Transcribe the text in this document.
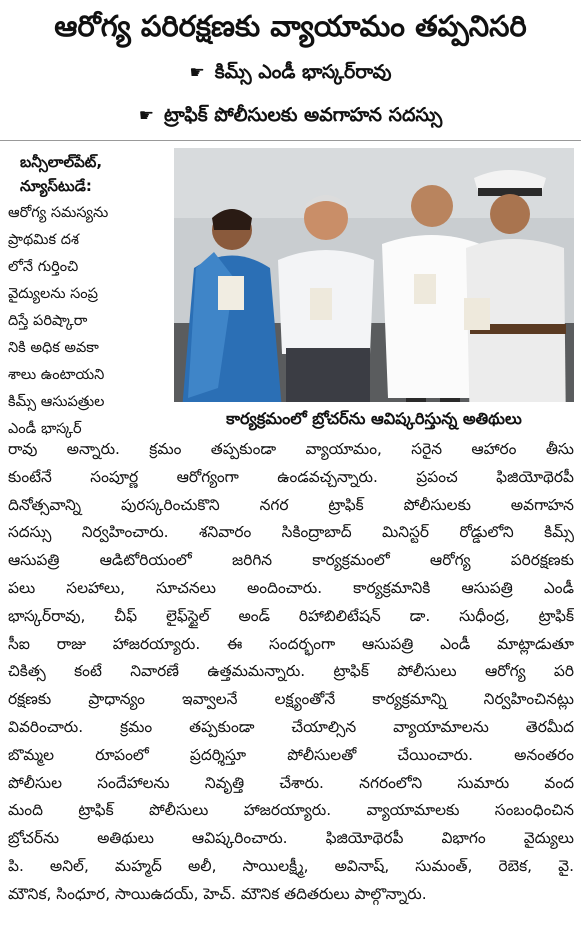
ఆరోగ్య పరిరక్షణకు వ్యాయామం తప్పనిసరి
☛ కిమ్స్ ఎండీ భాస్కర్‌రావు
☛ ట్రాఫిక్ పోలీసులకు అవగాహన సదస్సు
బన్సీలాల్‌పేట్,
న్యూస్‌టుడే:
ఆరోగ్య సమస్యను
ప్రాథమిక దశ
లోనే గుర్తించి
వైద్యులను సంప్ర
దిస్తే పరిష్కారా
నికి అధిక అవకా
శాలు ఉంటాయని
కిమ్స్ ఆసుపత్రుల
ఎండీ భాస్కర్
కార్యక్రమంలో బ్రోచర్‌ను ఆవిష్కరిస్తున్న అతిథులు
రావు అన్నారు. క్రమం తప్పకుండా వ్యాయామం, సరైన ఆహారం తీసు
కుంటేనే సంపూర్ణ ఆరోగ్యంగా ఉండవచ్చన్నారు. ప్రపంచ ఫిజియోథెరపీ
దినోత్సవాన్ని పురస్కరించుకొని నగర ట్రాఫిక్ పోలీసులకు అవగాహన
సదస్సు నిర్వహించారు. శనివారం సికింద్రాబాద్ మినిస్టర్ రోడ్డులోని కిమ్స్
ఆసుపత్రి ఆడిటోరియంలో జరిగిన కార్యక్రమంలో ఆరోగ్య పరిరక్షణకు
పలు సలహాలు, సూచనలు అందించారు. కార్యక్రమానికి ఆసుపత్రి ఎండీ
భాస్కర్‌రావు, చీఫ్ లైఫ్‌స్టైల్ అండ్ రిహాబిలిటేషన్ డా. సుధీంద్ర, ట్రాఫిక్
సీఐ రాజు హాజరయ్యారు. ఈ సందర్భంగా ఆసుపత్రి ఎండీ మాట్లాడుతూ
చికిత్స కంటే నివారణే ఉత్తమమన్నారు. ట్రాఫిక్ పోలీసులు ఆరోగ్య పరి
రక్షణకు ప్రాధాన్యం ఇవ్వాలనే లక్ష్యంతోనే కార్యక్రమాన్ని నిర్వహించినట్లు
వివరించారు. క్రమం తప్పకుండా చేయాల్సిన వ్యాయామాలను తెరమీద
బొమ్మల రూపంలో ప్రదర్శిస్తూ పోలీసులతో చేయించారు. అనంతరం
పోలీసుల సందేహాలను నివృత్తి చేశారు. నగరంలోని సుమారు వంద
మంది ట్రాఫిక్ పోలీసులు హాజరయ్యారు. వ్యాయామాలకు సంబంధించిన
బ్రోచర్‌ను అతిథులు ఆవిష్కరించారు. ఫిజియోథెరపీ విభాగం వైద్యులు
పి. అనిల్, మహ్మద్ అలీ, సాయిలక్ష్మీ, అవినాష్, సుమంత్, రెబెక, వై.
మౌనిక, సింధూర, సాయిఉదయ్, హెచ్. మౌనిక తదితరులు పాల్గొన్నారు.
